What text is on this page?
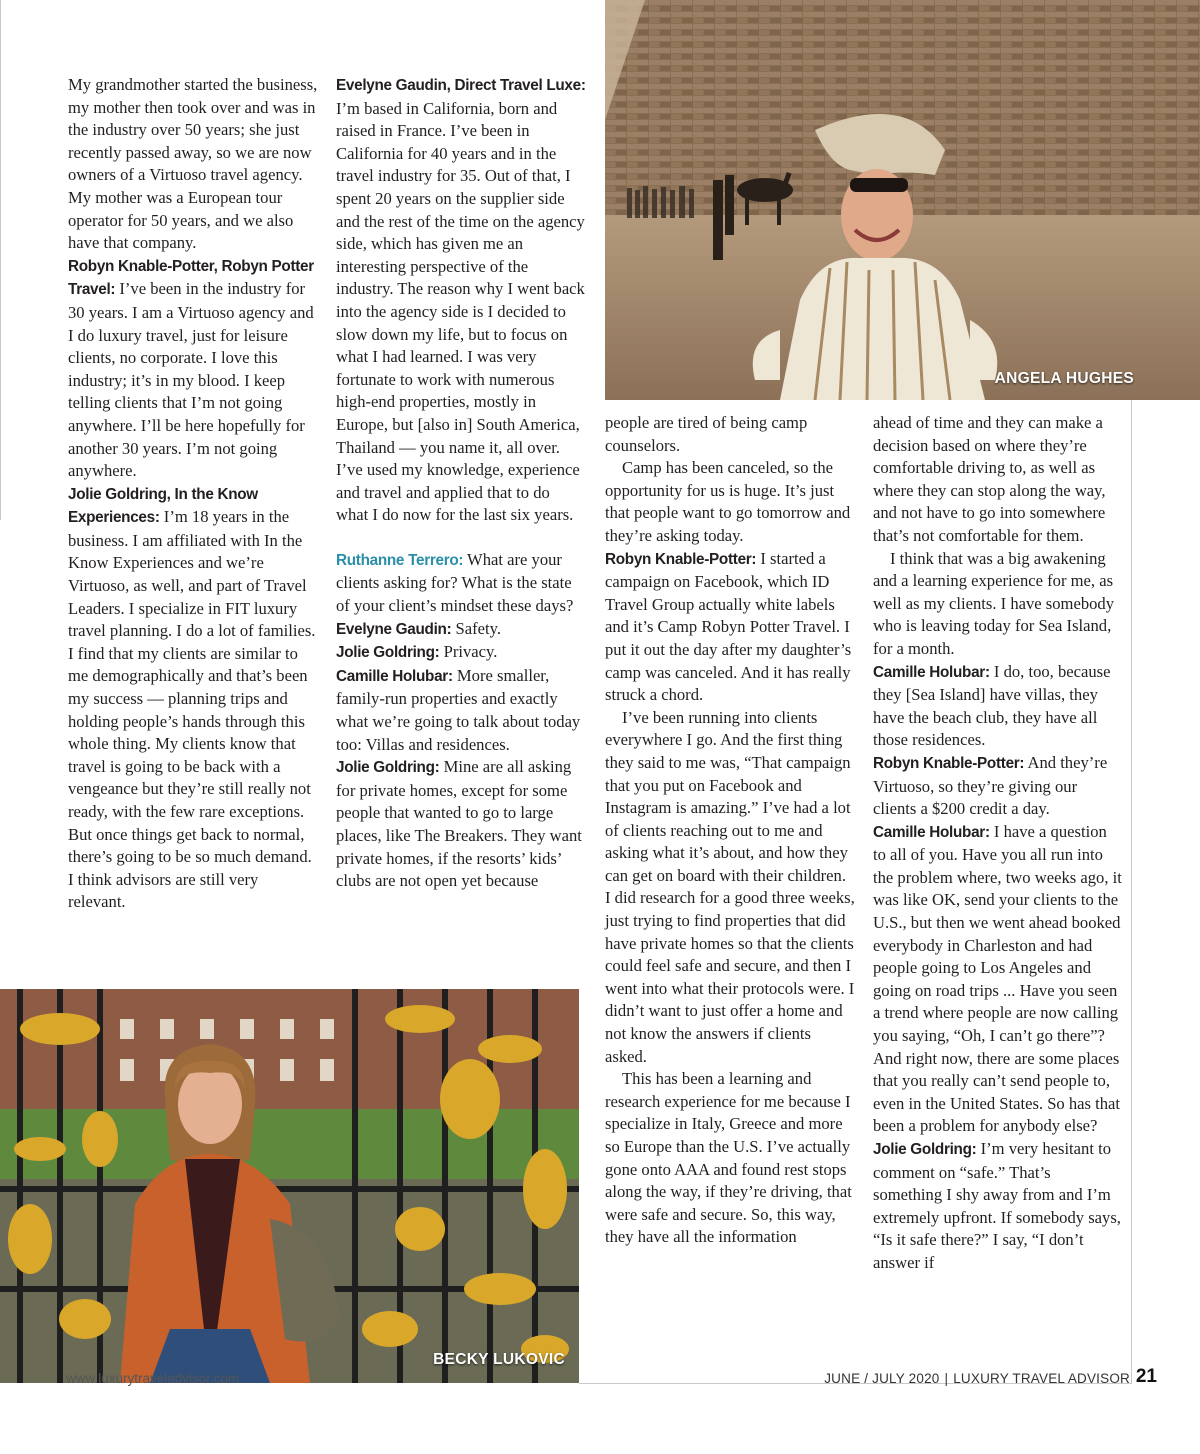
My grandmother started the business, my mother then took over and was in the industry over 50 years; she just recently passed away, so we are now owners of a Virtuoso travel agency. My mother was a European tour operator for 50 years, and we also have that company.

Robyn Knable-Potter, Robyn Potter Travel: I’ve been in the industry for 30 years. I am a Virtuoso agency and I do luxury travel, just for leisure clients, no corporate. I love this industry; it’s in my blood. I keep telling clients that I’m not going anywhere. I’ll be here hopefully for another 30 years. I’m not going anywhere.

Jolie Goldring, In the Know Experiences: I’m 18 years in the business. I am affiliated with In the Know Experiences and we’re Virtuoso, as well, and part of Travel Leaders. I specialize in FIT luxury travel planning. I do a lot of families. I find that my clients are similar to me demographically and that’s been my success — planning trips and holding people’s hands through this whole thing. My clients know that travel is going to be back with a vengeance but they’re still really not ready, with the few rare exceptions. But once things get back to normal, there’s going to be so much demand. I think advisors are still very relevant.

Evelyne Gaudin, Direct Travel Luxe: I’m based in California, born and raised in France. I’ve been in California for 40 years and in the travel industry for 35. Out of that, I spent 20 years on the supplier side and the rest of the time on the agency side, which has given me an interesting perspective of the industry. The reason why I went back into the agency side is I decided to slow down my life, but to focus on what I had learned. I was very fortunate to work with numerous high-end properties, mostly in Europe, but [also in] South America, Thailand — you name it, all over. I’ve used my knowledge, experience and travel and applied that to do what I do now for the last six years.

Ruthanne Terrero: What are your clients asking for? What is the state of your client’s mindset these days?

Evelyne Gaudin: Safety.

Jolie Goldring: Privacy.

Camille Holubar: More smaller, family-run properties and exactly what we’re going to talk about today too: Villas and residences.

Jolie Goldring: Mine are all asking for private homes, except for some people that wanted to go to large places, like The Breakers. They want private homes, if the resorts’ kids’ clubs are not open yet because

people are tired of being camp counselors.

Camp has been canceled, so the opportunity for us is huge. It’s just that people want to go tomorrow and they’re asking today.

Robyn Knable-Potter: I started a campaign on Facebook, which ID Travel Group actually white labels and it’s Camp Robyn Potter Travel. I put it out the day after my daughter’s camp was canceled. And it has really struck a chord.

I’ve been running into clients everywhere I go. And the first thing they said to me was, “That campaign that you put on Facebook and Instagram is amazing.” I’ve had a lot of clients reaching out to me and asking what it’s about, and how they can get on board with their children. I did research for a good three weeks, just trying to find properties that did have private homes so that the clients could feel safe and secure, and then I went into what their protocols were. I didn’t want to just offer a home and not know the answers if clients asked.

This has been a learning and research experience for me because I specialize in Italy, Greece and more so Europe than the U.S. I’ve actually gone onto AAA and found rest stops along the way, if they’re driving, that were safe and secure. So, this way, they have all the information

ahead of time and they can make a decision based on where they’re comfortable driving to, as well as where they can stop along the way, and not have to go into somewhere that’s not comfortable for them.

I think that was a big awakening and a learning experience for me, as well as my clients. I have somebody who is leaving today for Sea Island, for a month.

Camille Holubar: I do, too, because they [Sea Island] have villas, they have the beach club, they have all those residences.

Robyn Knable-Potter: And they’re Virtuoso, so they’re giving our clients a $200 credit a day.

Camille Holubar: I have a question to all of you. Have you all run into the problem where, two weeks ago, it was like OK, send your clients to the U.S., but then we went ahead booked everybody in Charleston and had people going to Los Angeles and going on road trips ... Have you seen a trend where people are now calling you saying, “Oh, I can’t go there”? And right now, there are some places that you really can’t send people to, even in the United States. So has that been a problem for anybody else?

Jolie Goldring: I’m very hesitant to comment on “safe.” That’s something I shy away from and I’m extremely upfront. If somebody says, “Is it safe there?” I say, “I don’t answer if

ANGELA HUGHES
BECKY LUKOVIC
www.luxurytraveladvisor.com	JUNE / JULY 2020 | LUXURY TRAVEL ADVISOR 21
